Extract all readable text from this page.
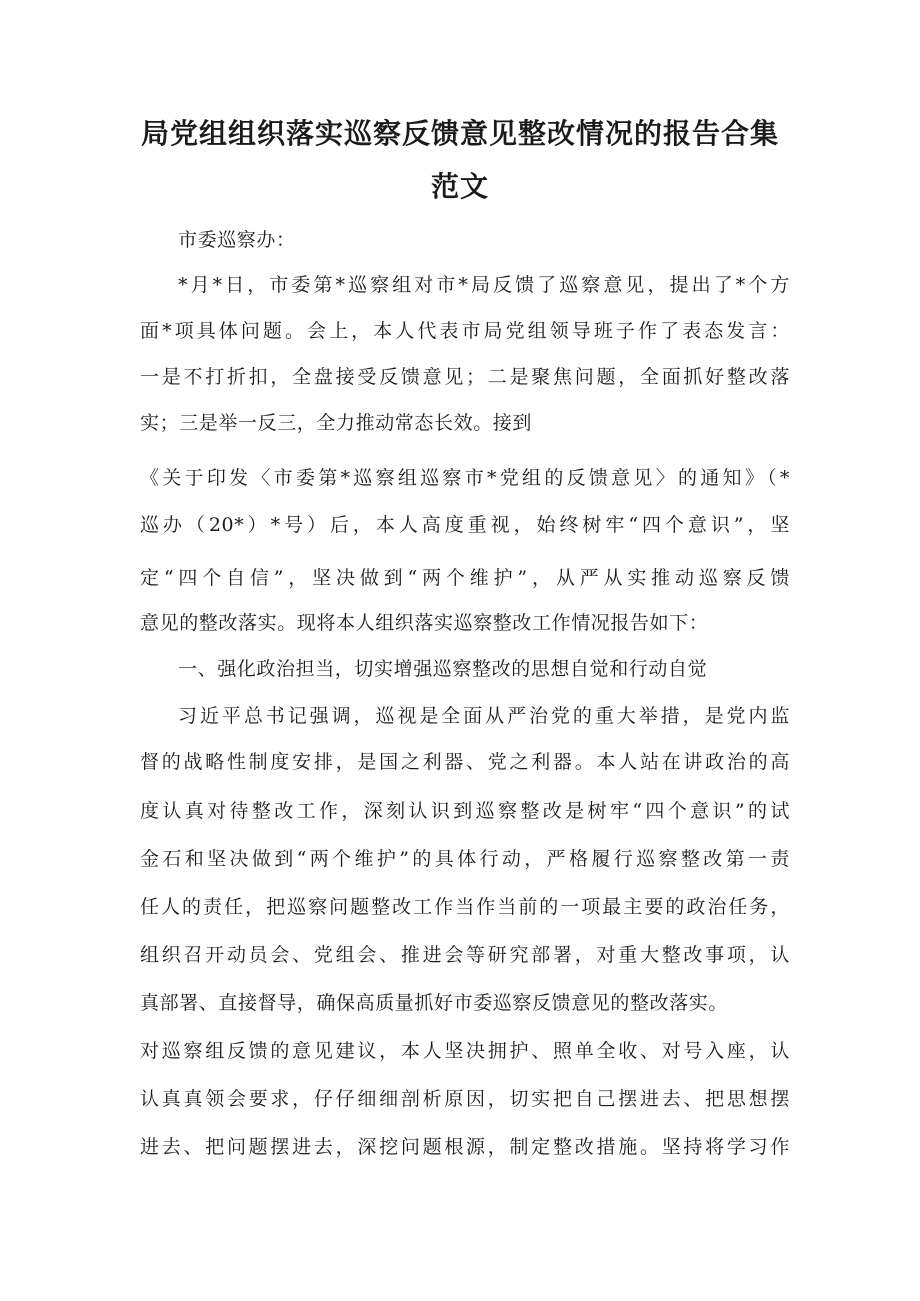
局党组组织落实巡察反馈意见整改情况的报告合集
范文

市委巡察办：

*月*日，市委第*巡察组对市*局反馈了巡察意见，提出了*个方

面*项具体问题。会上，本人代表市局党组领导班子作了表态发言：

一是不打折扣，全盘接受反馈意见；二是聚焦问题，全面抓好整改落

实；三是举一反三，全力推动常态长效。接到

《关于印发〈市委第*巡察组巡察市*党组的反馈意见〉的通知》（*

巡办（20*）*号）后，本人高度重视，始终树牢“四个意识”，坚

定“四个自信”，坚决做到“两个维护”，从严从实推动巡察反馈

意见的整改落实。现将本人组织落实巡察整改工作情况报告如下：

一、强化政治担当，切实增强巡察整改的思想自觉和行动自觉

习近平总书记强调，巡视是全面从严治党的重大举措，是党内监

督的战略性制度安排，是国之利器、党之利器。本人站在讲政治的高

度认真对待整改工作，深刻认识到巡察整改是树牢“四个意识”的试

金石和坚决做到“两个维护”的具体行动，严格履行巡察整改第一责

任人的责任，把巡察问题整改工作当作当前的一项最主要的政治任务，

组织召开动员会、党组会、推进会等研究部署，对重大整改事项，认

真部署、直接督导，确保高质量抓好市委巡察反馈意见的整改落实。

对巡察组反馈的意见建议，本人坚决拥护、照单全收、对号入座，认

认真真领会要求，仔仔细细剖析原因，切实把自己摆进去、把思想摆

进去、把问题摆进去，深挖问题根源，制定整改措施。坚持将学习作
